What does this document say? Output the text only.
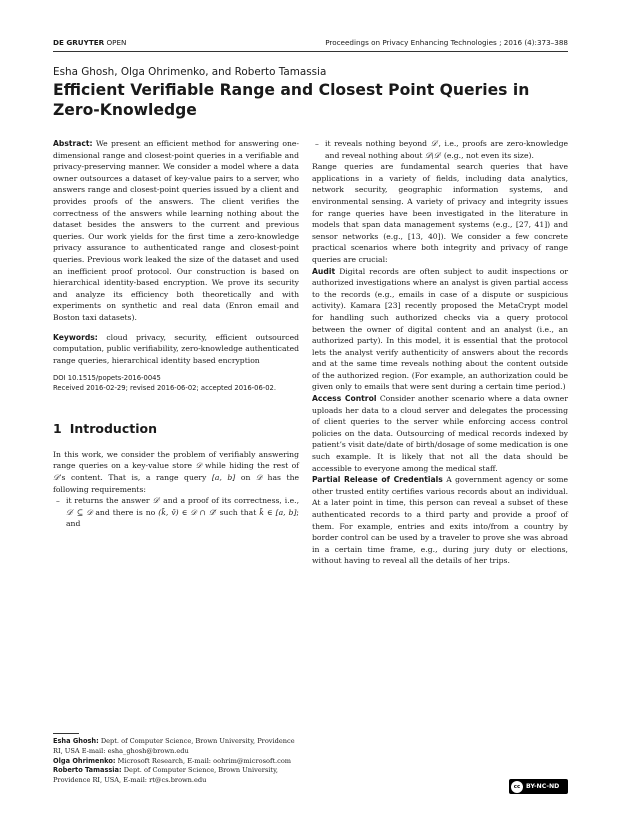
DE GRUYTER OPEN	Proceedings on Privacy Enhancing Technologies ; 2016 (4):373–388
Esha Ghosh, Olga Ohrimenko, and Roberto Tamassia
Efficient Verifiable Range and Closest Point Queries in Zero-Knowledge

Abstract: We present an efficient method for answering one-dimensional range and closest-point queries in a verifiable and privacy-preserving manner. We consider a model where a data owner outsources a dataset of key-value pairs to a server, who answers range and closest-point queries issued by a client and provides proofs of the answers. The client verifies the correctness of the answers while learning nothing about the dataset besides the answers to the current and previous queries. Our work yields for the first time a zero-knowledge privacy assurance to authenticated range and closest-point queries. Previous work leaked the size of the dataset and used an inefficient proof protocol. Our construction is based on hierarchical identity-based encryption. We prove its security and analyze its efficiency both theoretically and with experiments on synthetic and real data (Enron email and Boston taxi datasets).

Keywords: cloud privacy, security, efficient outsourced computation, public verifiability, zero-knowledge authenticated range queries, hierarchical identity based encryption

DOI 10.1515/popets-2016-0045
Received 2016-02-29; revised 2016-06-02; accepted 2016-06-02.
1 Introduction

In this work, we consider the problem of verifiably answering range queries on a key-value store 𝒟 while hiding the rest of 𝒟’s content. That is, a range query [a, b] on 𝒟 has the following requirements:

– it returns the answer 𝒟′ and a proof of its correctness, i.e., 𝒟′ ⊆ 𝒟 and there is no (k̄, v̄) ∈ 𝒟 ∩ 𝒟̄′ such that k̄ ∈ [a, b]; and
– it reveals nothing beyond 𝒟′, i.e., proofs are zero-knowledge and reveal nothing about 𝒟\𝒟′ (e.g., not even its size).

Range queries are fundamental search queries that have applications in a variety of fields, including data analytics, network security, geographic information systems, and environmental sensing. A variety of privacy and integrity issues for range queries have been investigated in the literature in models that span data management systems (e.g., [27, 41]) and sensor networks (e.g., [13, 40]). We consider a few concrete practical scenarios where both integrity and privacy of range queries are crucial:

Audit Digital records are often subject to audit inspections or authorized investigations where an analyst is given partial access to the records (e.g., emails in case of a dispute or suspicious activity). Kamara [23] recently proposed the MetaCrypt model for handling such authorized checks via a query protocol between the owner of digital content and an analyst (i.e., an authorized party). In this model, it is essential that the protocol lets the analyst verify authenticity of answers about the records and at the same time reveals nothing about the content outside of the authorized region. (For example, an authorization could be given only to emails that were sent during a certain time period.)
Access Control Consider another scenario where a data owner uploads her data to a cloud server and delegates the processing of client queries to the server while enforcing access control policies on the data. Outsourcing of medical records indexed by patient’s visit date/date of birth/dosage of some medication is one such example. It is likely that not all the data should be accessible to everyone among the medical staff.
Partial Release of Credentials A government agency or some other trusted entity certifies various records about an individual. At a later point in time, this person can reveal a subset of these authenticated records to a third party and provide a proof of them. For example, entries and exits into/from a country by border control can be used by a traveler to prove she was abroad in a certain time frame, e.g., during jury duty or elections, without having to reveal all the details of her trips.
Esha Ghosh: Dept. of Computer Science, Brown University, Providence RI, USA E-mail: esha_ghosh@brown.edu
Olga Ohrimenko: Microsoft Research, E-mail: oohrim@microsoft.com
Roberto Tamassia: Dept. of Computer Science, Brown University, Providence RI, USA, E-mail: rt@cs.brown.edu
cc BY-NC-ND
